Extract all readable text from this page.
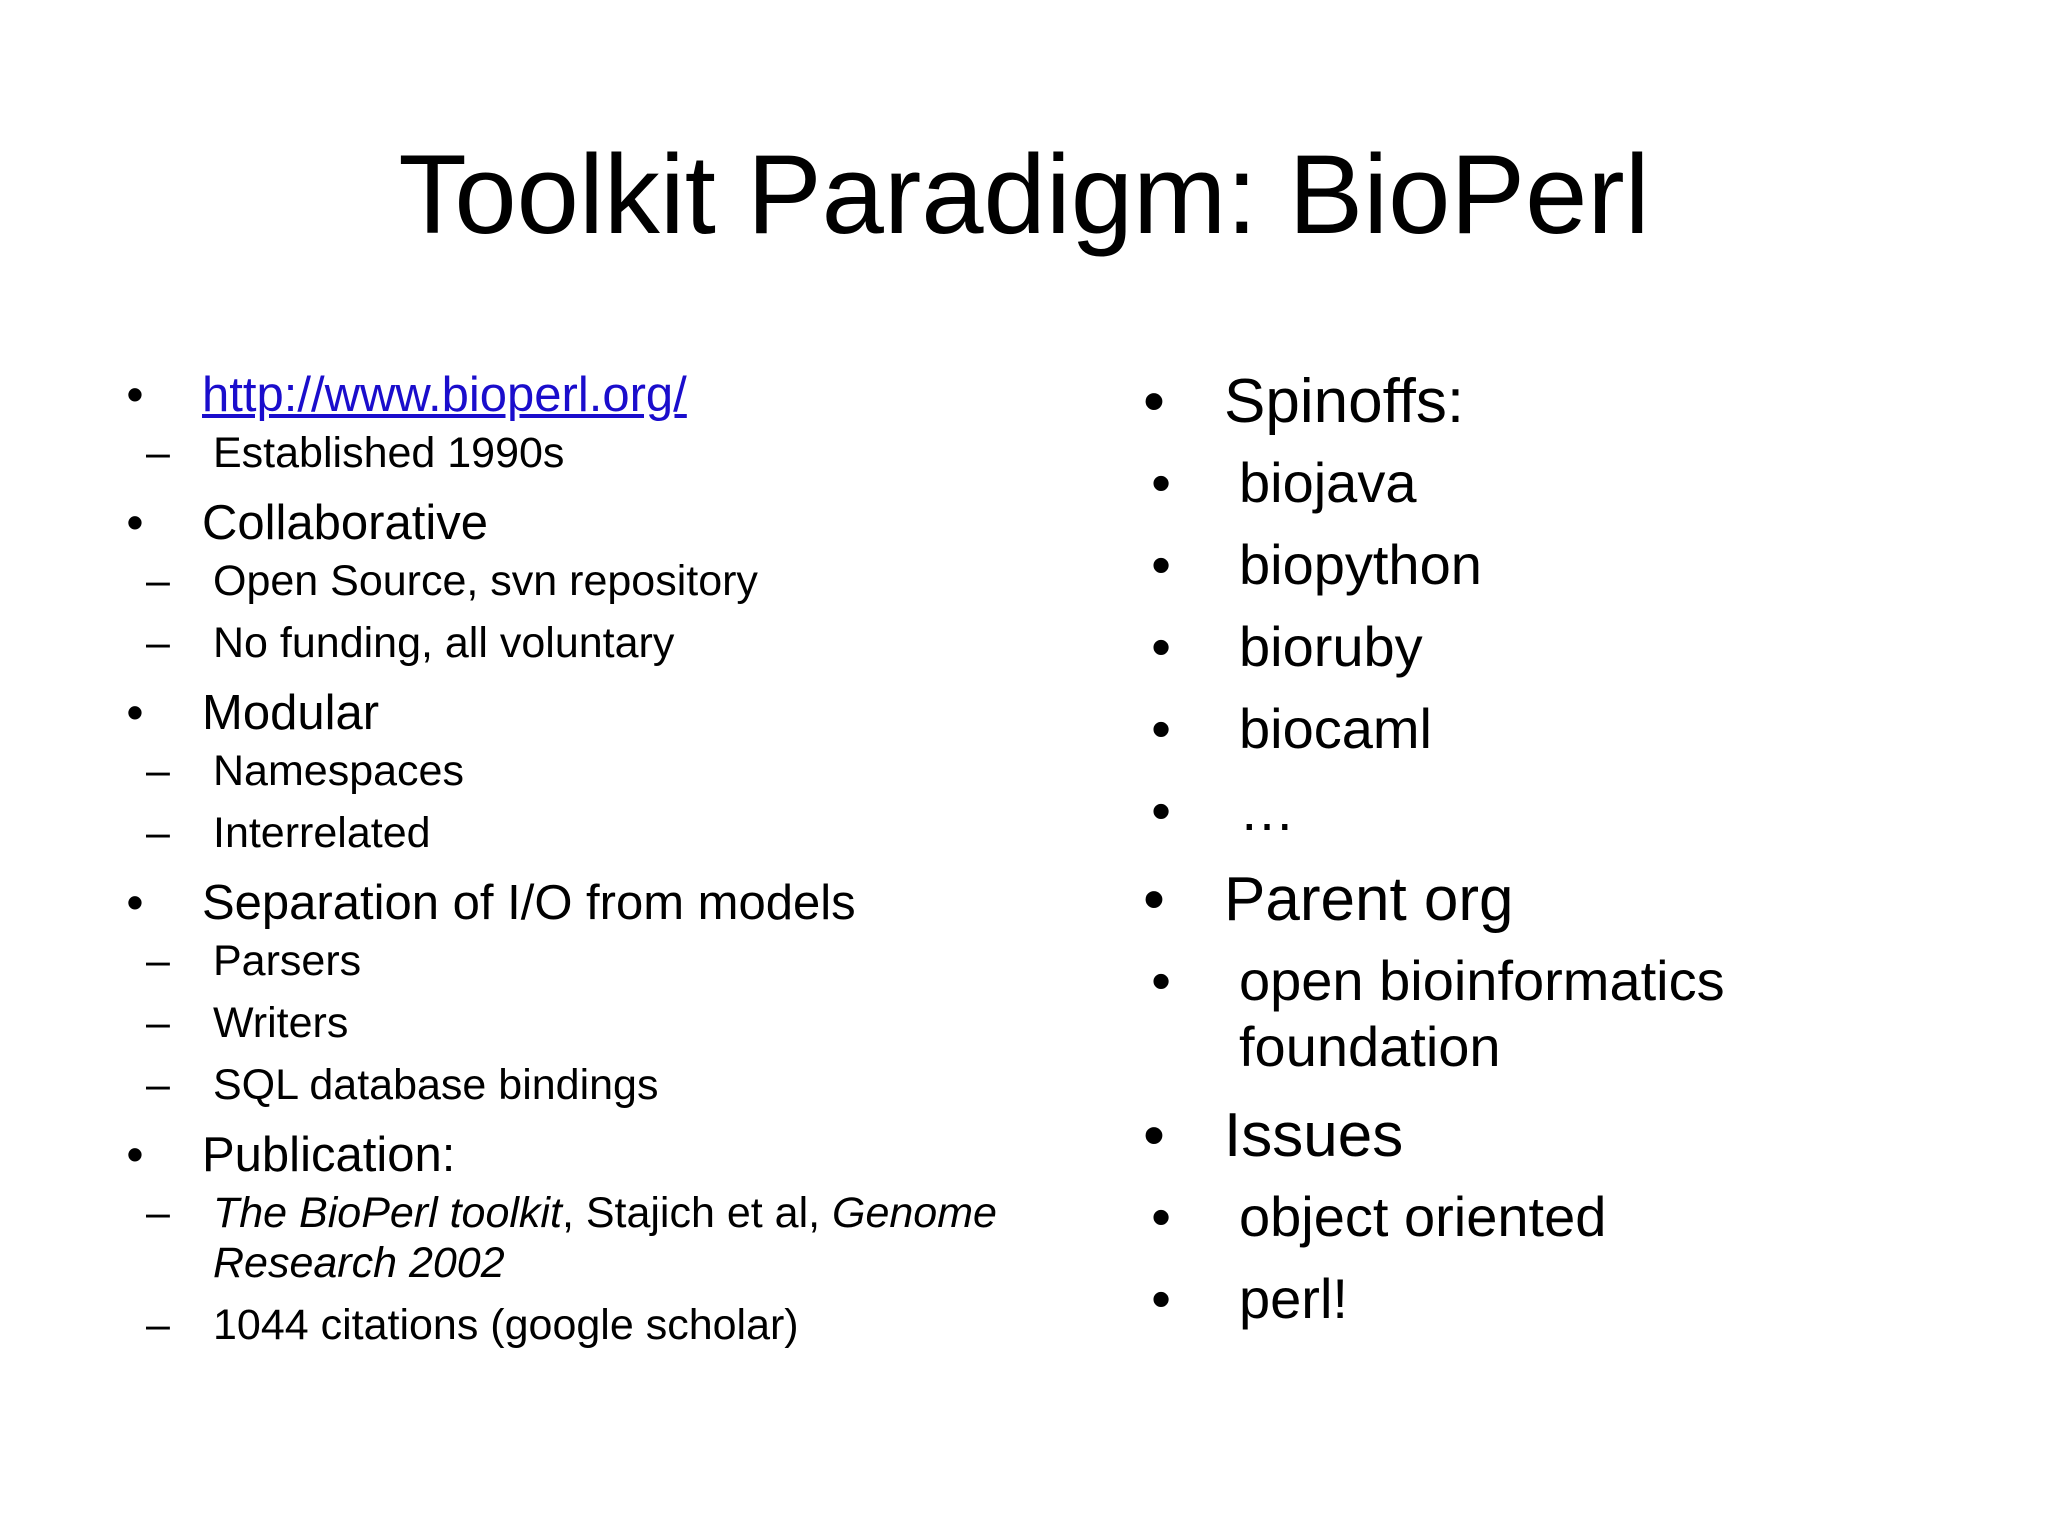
Toolkit Paradigm: BioPerl
• http://www.bioperl.org/
– Established 1990s
• Collaborative
– Open Source, svn repository
– No funding, all voluntary
• Modular
– Namespaces
– Interrelated
• Separation of I/O from models
– Parsers
– Writers
– SQL database bindings
• Publication:
– The BioPerl toolkit, Stajich et al, Genome Research 2002
– 1044 citations (google scholar)
• Spinoffs:
• biojava
• biopython
• bioruby
• biocaml
• …
• Parent org
• open bioinformatics foundation
• Issues
• object oriented
• perl!
